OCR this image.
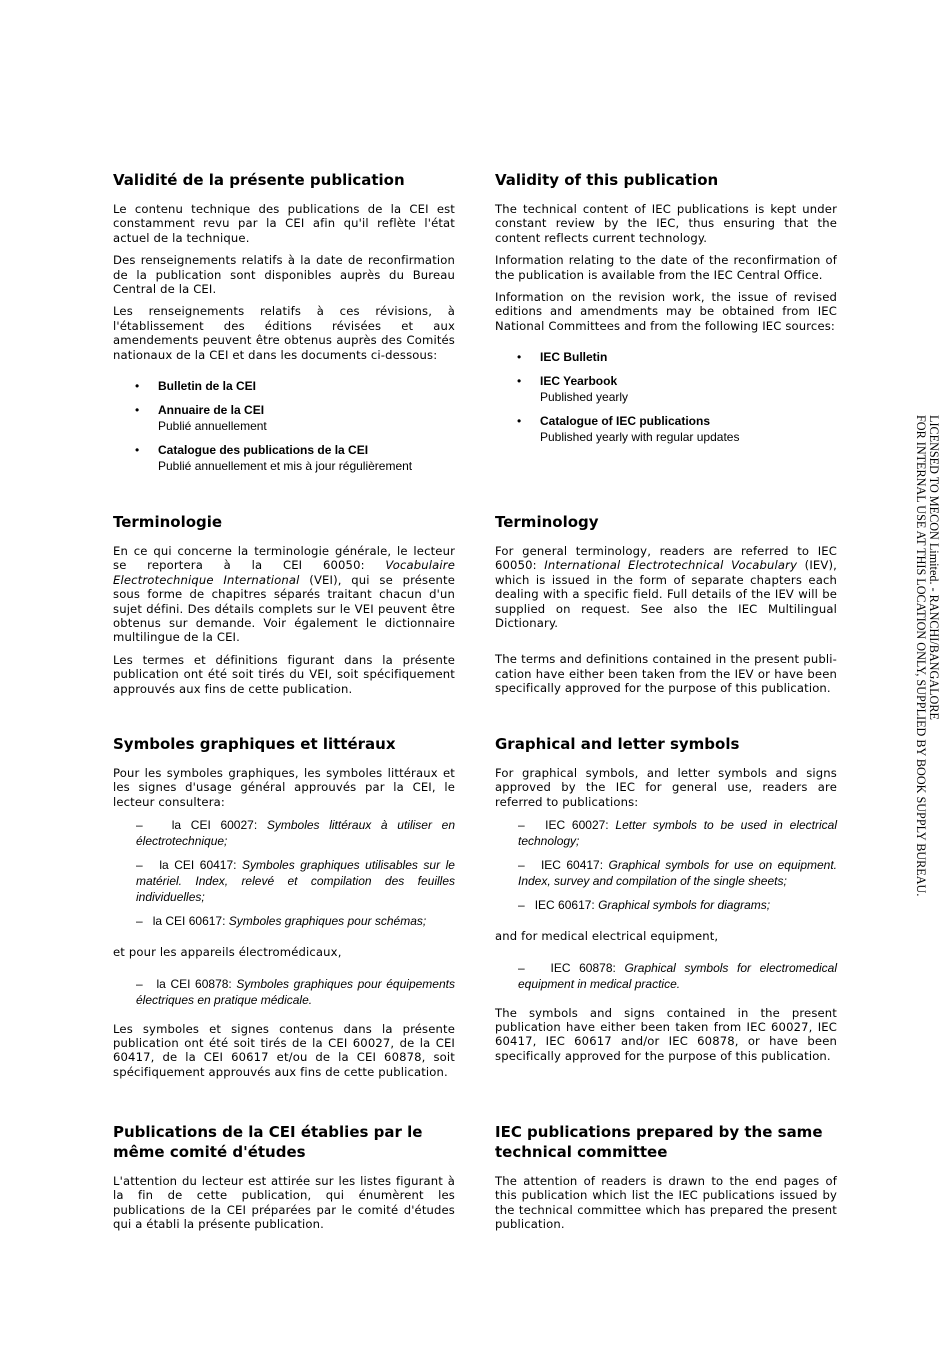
Validité de la présente publication

Le contenu technique des publications de la CEI est constamment revu par la CEI afin qu'il reflète l'état actuel de la technique.

Des renseignements relatifs à la date de reconfirmation de la publication sont disponibles auprès du Bureau Central de la CEI.

Les renseignements relatifs à ces révisions, à l'établissement des éditions révisées et aux amendements peuvent être obtenus auprès des Comités nationaux de la CEI et dans les documents ci-dessous:

• Bulletin de la CEI
• Annuaire de la CEI
Publié annuellement
• Catalogue des publications de la CEI
Publié annuellement et mis à jour régulièrement
Terminologie

En ce qui concerne la terminologie générale, le lecteur se reportera à la CEI 60050: Vocabulaire Electrotechnique International (VEI), qui se présente sous forme de chapitres séparés traitant chacun d'un sujet défini. Des détails complets sur le VEI peuvent être obtenus sur demande. Voir également le dictionnaire multilingue de la CEI.

Les termes et définitions figurant dans la présente publication ont été soit tirés du VEI, soit spécifiquement approuvés aux fins de cette publication.

Symboles graphiques et littéraux

Pour les symboles graphiques, les symboles littéraux et les signes d'usage général approuvés par la CEI, le lecteur consultera:

– la CEI 60027: Symboles littéraux à utiliser en électrotechnique;
– la CEI 60417: Symboles graphiques utilisables sur le matériel. Index, relevé et compilation des feuilles individuelles;
– la CEI 60617: Symboles graphiques pour schémas;

et pour les appareils électromédicaux,

– la CEI 60878: Symboles graphiques pour équipements électriques en pratique médicale.

Les symboles et signes contenus dans la présente publication ont été soit tirés de la CEI 60027, de la CEI 60417, de la CEI 60617 et/ou de la CEI 60878, soit spécifiquement approuvés aux fins de cette publication.

Publications de la CEI établies par le
même comité d'études

L'attention du lecteur est attirée sur les listes figurant à la fin de cette publication, qui énumèrent les publications de la CEI préparées par le comité d'études qui a établi la présente publication.

Validity of this publication

The technical content of IEC publications is kept under constant review by the IEC, thus ensuring that the content reflects current technology.

Information relating to the date of the reconfirmation of the publication is available from the IEC Central Office.

Information on the revision work, the issue of revised editions and amendments may be obtained from IEC National Committees and from the following IEC sources:

• IEC Bulletin
• IEC Yearbook
Published yearly
• Catalogue of IEC publications
Published yearly with regular updates
Terminology

For general terminology, readers are referred to IEC 60050: International Electrotechnical Vocabulary (IEV), which is issued in the form of separate chapters each dealing with a specific field. Full details of the IEV will be supplied on request. See also the IEC Multilingual Dictionary.

The terms and definitions contained in the present publi-cation have either been taken from the IEV or have been specifically approved for the purpose of this publication.

Graphical and letter symbols

For graphical symbols, and letter symbols and signs approved by the IEC for general use, readers are referred to publications:

– IEC 60027: Letter symbols to be used in electrical technology;
– IEC 60417: Graphical symbols for use on equipment. Index, survey and compilation of the single sheets;
– IEC 60617: Graphical symbols for diagrams;

and for medical electrical equipment,

– IEC 60878: Graphical symbols for electromedical equipment in medical practice.

The symbols and signs contained in the present publication have either been taken from IEC 60027, IEC 60417, IEC 60617 and/or IEC 60878, or have been specifically approved for the purpose of this publication.

IEC publications prepared by the same
technical committee

The attention of readers is drawn to the end pages of this publication which list the IEC publications issued by the technical committee which has prepared the present publication.

LICENSED TO MECON Limited. - RANCHI/BANGALORE
FOR INTERNAL USE AT THIS LOCATION ONLY, SUPPLIED BY BOOK SUPPLY BUREAU.
